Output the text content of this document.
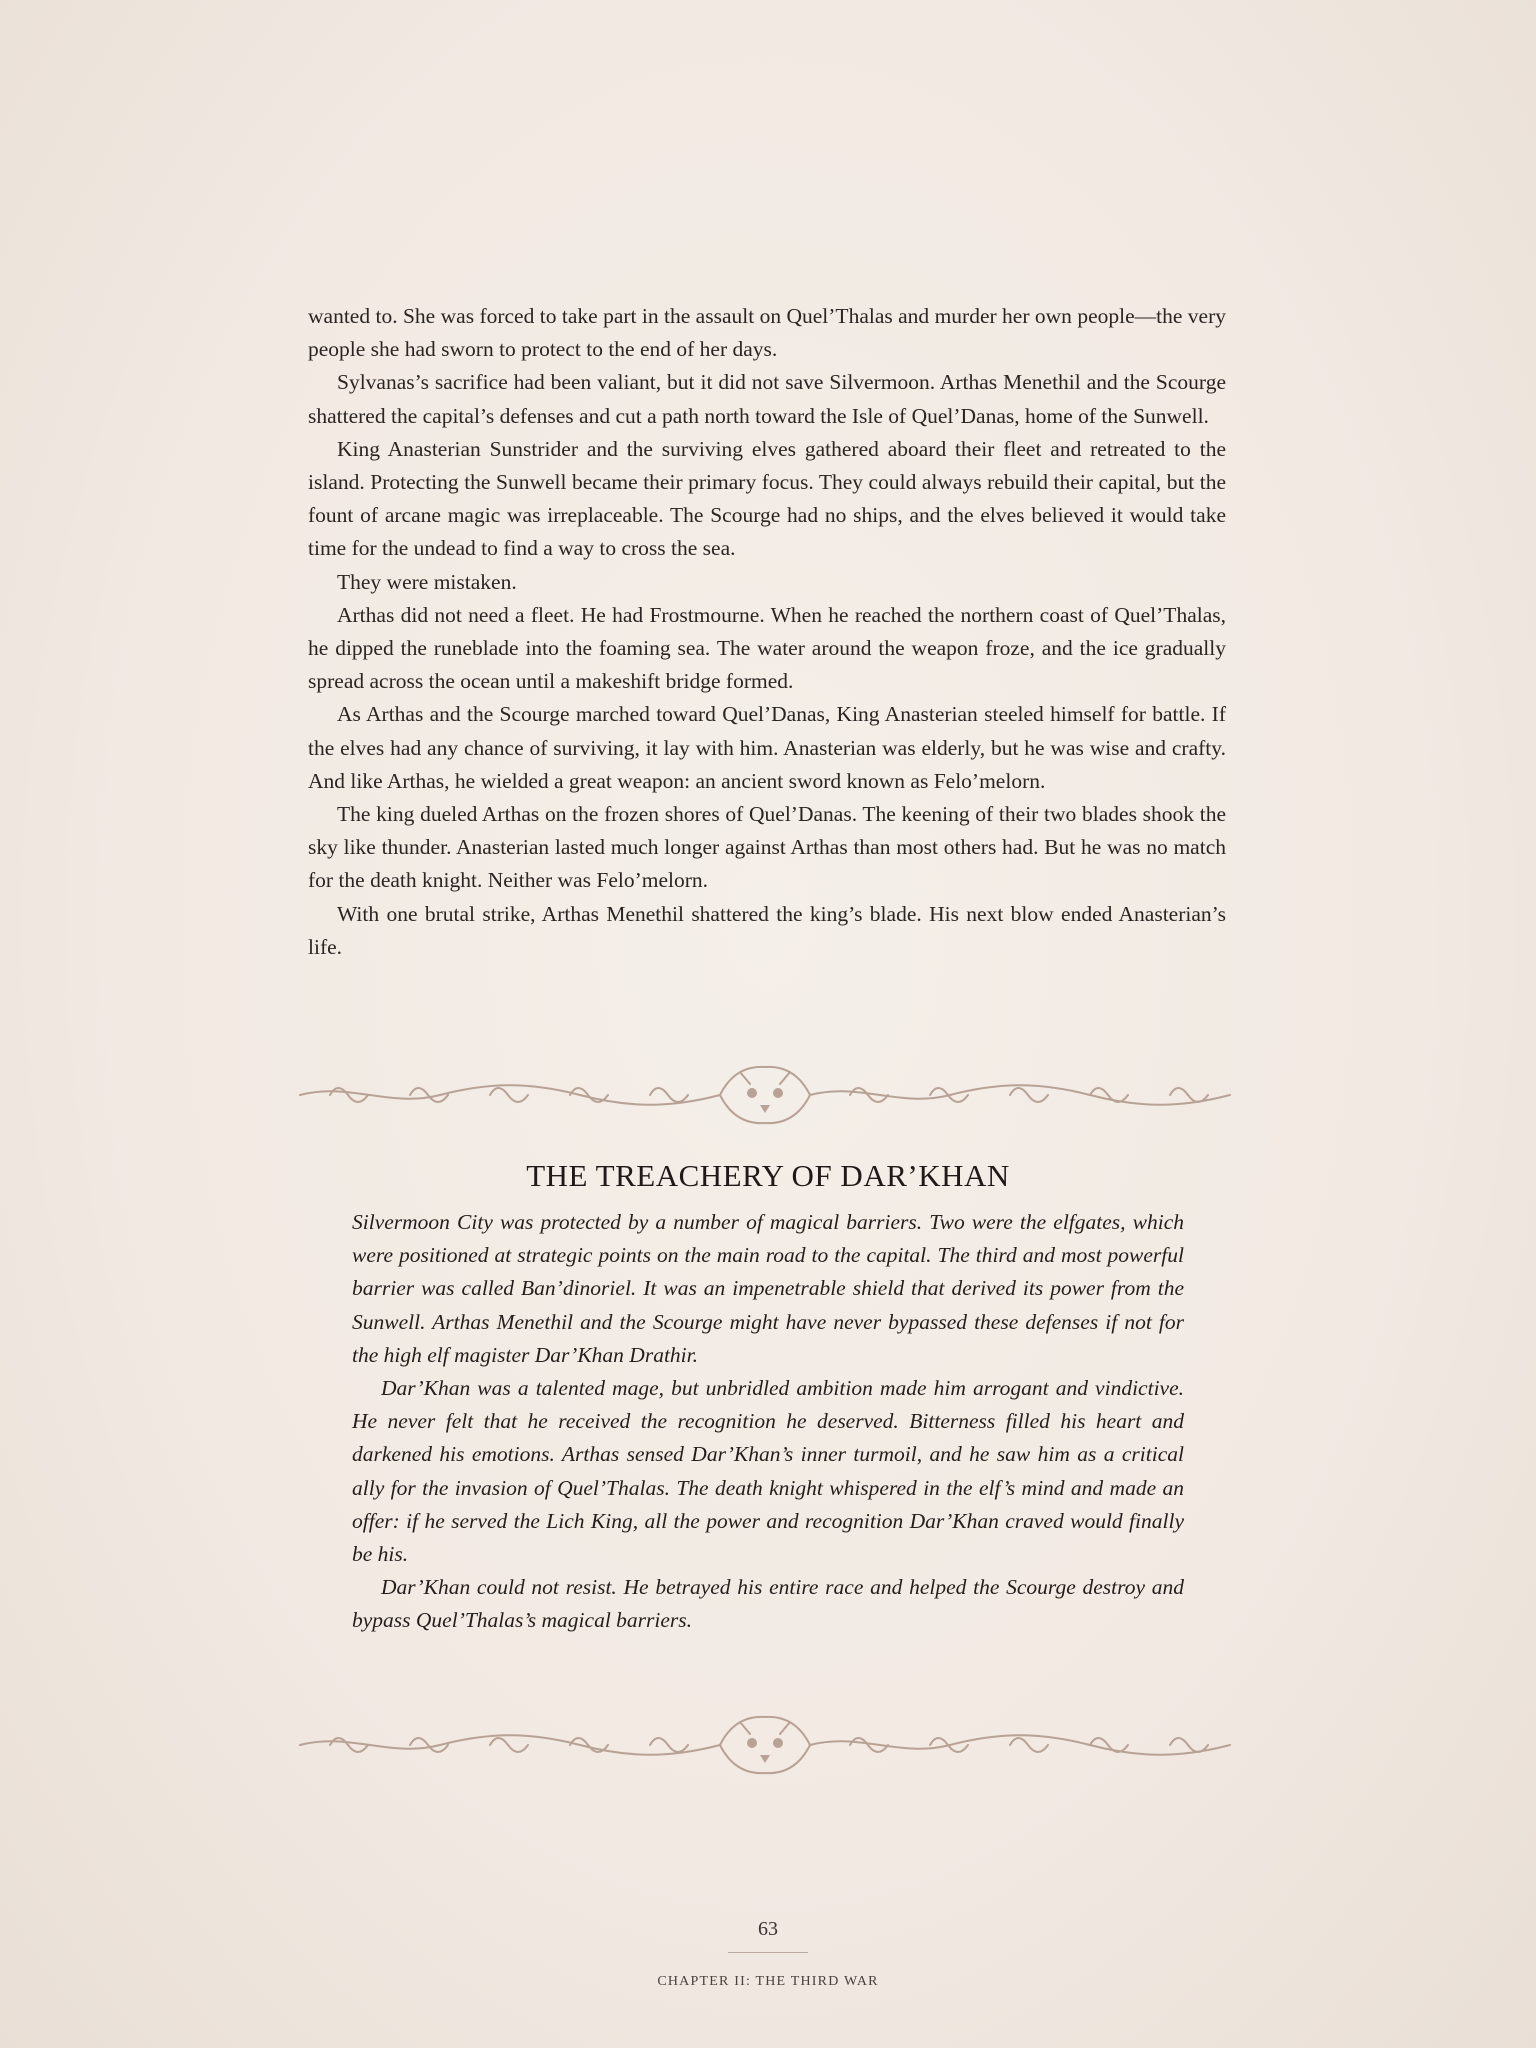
wanted to. She was forced to take part in the assault on Quel’Thalas and murder her own people—the very people she had sworn to protect to the end of her days.

Sylvanas’s sacrifice had been valiant, but it did not save Silvermoon. Arthas Menethil and the Scourge shattered the capital’s defenses and cut a path north toward the Isle of Quel’Danas, home of the Sunwell.

King Anasterian Sunstrider and the surviving elves gathered aboard their fleet and retreated to the island. Protecting the Sunwell became their primary focus. They could always rebuild their capital, but the fount of arcane magic was irreplaceable. The Scourge had no ships, and the elves believed it would take time for the undead to find a way to cross the sea.

They were mistaken.

Arthas did not need a fleet. He had Frostmourne. When he reached the northern coast of Quel’Thalas, he dipped the runeblade into the foaming sea. The water around the weapon froze, and the ice gradually spread across the ocean until a makeshift bridge formed.

As Arthas and the Scourge marched toward Quel’Danas, King Anasterian steeled himself for battle. If the elves had any chance of surviving, it lay with him. Anasterian was elderly, but he was wise and crafty. And like Arthas, he wielded a great weapon: an ancient sword known as Felo’melorn.

The king dueled Arthas on the frozen shores of Quel’Danas. The keening of their two blades shook the sky like thunder. Anasterian lasted much longer against Arthas than most others had. But he was no match for the death knight. Neither was Felo’melorn.

With one brutal strike, Arthas Menethil shattered the king’s blade. His next blow ended Anasterian’s life.

THE TREACHERY OF DAR’KHAN

Silvermoon City was protected by a number of magical barriers. Two were the elfgates, which were positioned at strategic points on the main road to the capital. The third and most powerful barrier was called Ban’dinoriel. It was an impenetrable shield that derived its power from the Sunwell. Arthas Menethil and the Scourge might have never bypassed these defenses if not for the high elf magister Dar’Khan Drathir.

Dar’Khan was a talented mage, but unbridled ambition made him arrogant and vindictive. He never felt that he received the recognition he deserved. Bitterness filled his heart and darkened his emotions. Arthas sensed Dar’Khan’s inner turmoil, and he saw him as a critical ally for the invasion of Quel’Thalas. The death knight whispered in the elf’s mind and made an offer: if he served the Lich King, all the power and recognition Dar’Khan craved would finally be his.

Dar’Khan could not resist. He betrayed his entire race and helped the Scourge destroy and bypass Quel’Thalas’s magical barriers.

63
CHAPTER II: THE THIRD WAR
